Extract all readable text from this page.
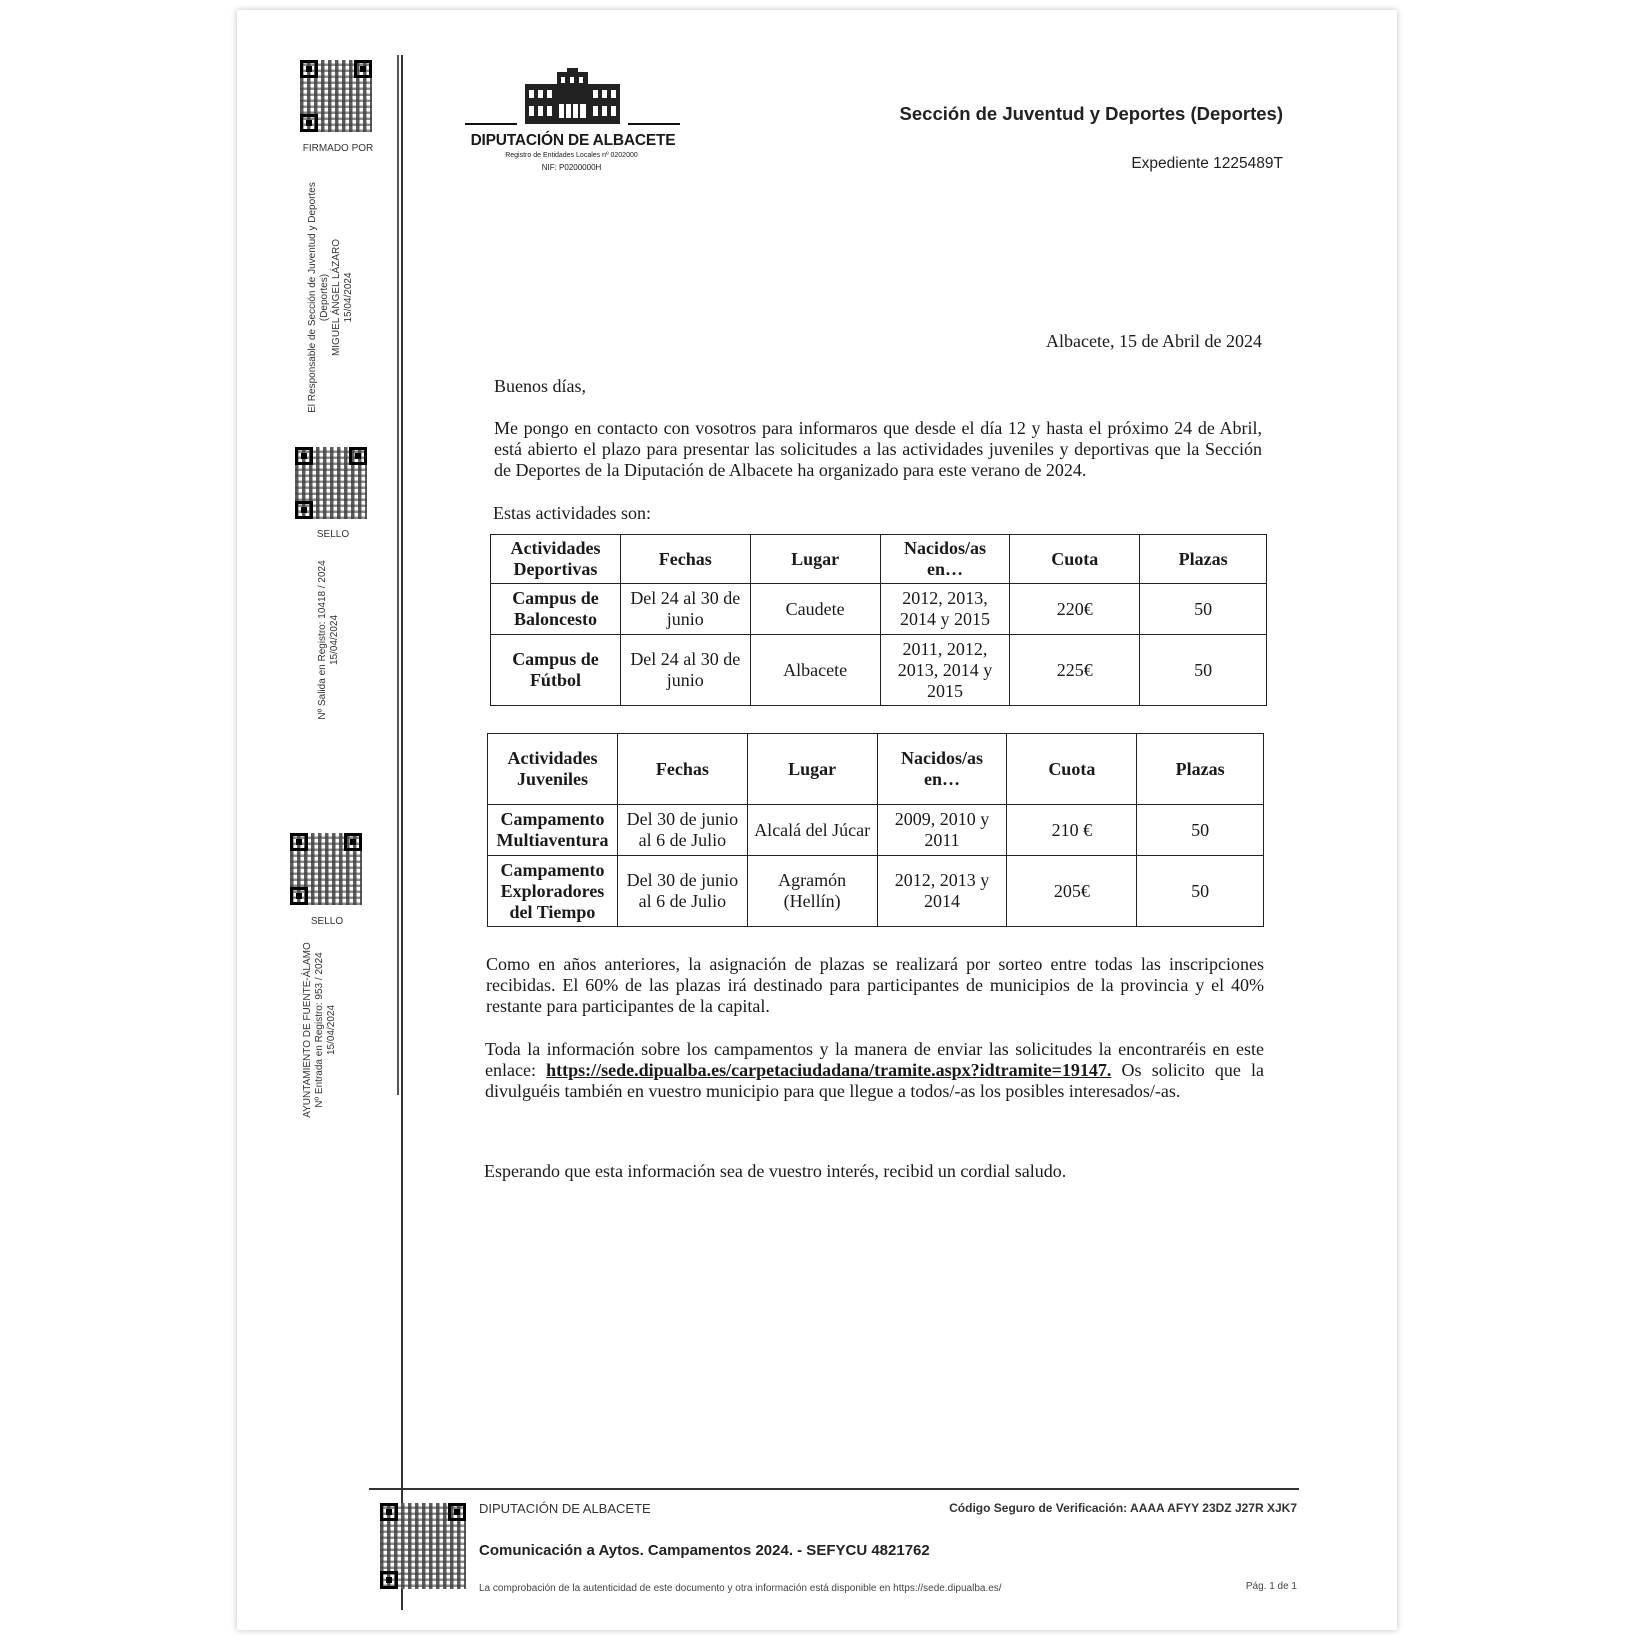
FIRMADO POR
El Responsable de Sección de Juventud y Deportes (Deportes) MIGUEL ÁNGEL LÁZARO 15/04/2024
SELLO
Nº Salida en Registro: 10418 / 2024 15/04/2024
SELLO
AYUNTAMIENTO DE FUENTE-ÁLAMO Nº Entrada en Registro: 953 / 2024 15/04/2024
DIPUTACIÓN DE ALBACETE
Registro de Entidades Locales nº 0202000
NIF: P0200000H
Sección de Juventud y Deportes (Deportes)
Expediente 1225489T
Albacete, 15 de Abril de 2024
Buenos días,
Me pongo en contacto con vosotros para informaros que desde el día 12 y hasta el próximo 24 de Abril, está abierto el plazo para presentar las solicitudes a las actividades juveniles y deportivas que la Sección de Deportes de la Diputación de Albacete ha organizado para este verano de 2024.
Estas actividades son:
Actividades Deportivas	Fechas	Lugar	Nacidos/as en…	Cuota	Plazas
Campus de Baloncesto	Del 24 al 30 de junio	Caudete	2012, 2013, 2014 y 2015	220€	50
Campus de Fútbol	Del 24 al 30 de junio	Albacete	2011, 2012, 2013, 2014 y 2015	225€	50
Actividades Juveniles	Fechas	Lugar	Nacidos/as en…	Cuota	Plazas
Campamento Multiaventura	Del 30 de junio al 6 de Julio	Alcalá del Júcar	2009, 2010 y 2011	210 €	50
Campamento Exploradores del Tiempo	Del 30 de junio al 6 de Julio	Agramón (Hellín)	2012, 2013 y 2014	205€	50
Como en años anteriores, la asignación de plazas se realizará por sorteo entre todas las inscripciones recibidas. El 60% de las plazas irá destinado para participantes de municipios de la provincia y el 40% restante para participantes de la capital.
Toda la información sobre los campamentos y la manera de enviar las solicitudes la encontraréis en este enlace: https://sede.dipualba.es/carpetaciudadana/tramite.aspx?idtramite=19147. Os solicito que la divulguéis también en vuestro municipio para que llegue a todos/-as los posibles interesados/-as.
Esperando que esta información sea de vuestro interés, recibid un cordial saludo.
DIPUTACIÓN DE ALBACETE	Código Seguro de Verificación: AAAA AFYY 23DZ J27R XJK7
Comunicación a Aytos. Campamentos 2024. - SEFYCU 4821762
La comprobación de la autenticidad de este documento y otra información está disponible en https://sede.dipualba.es/	Pág. 1 de 1
